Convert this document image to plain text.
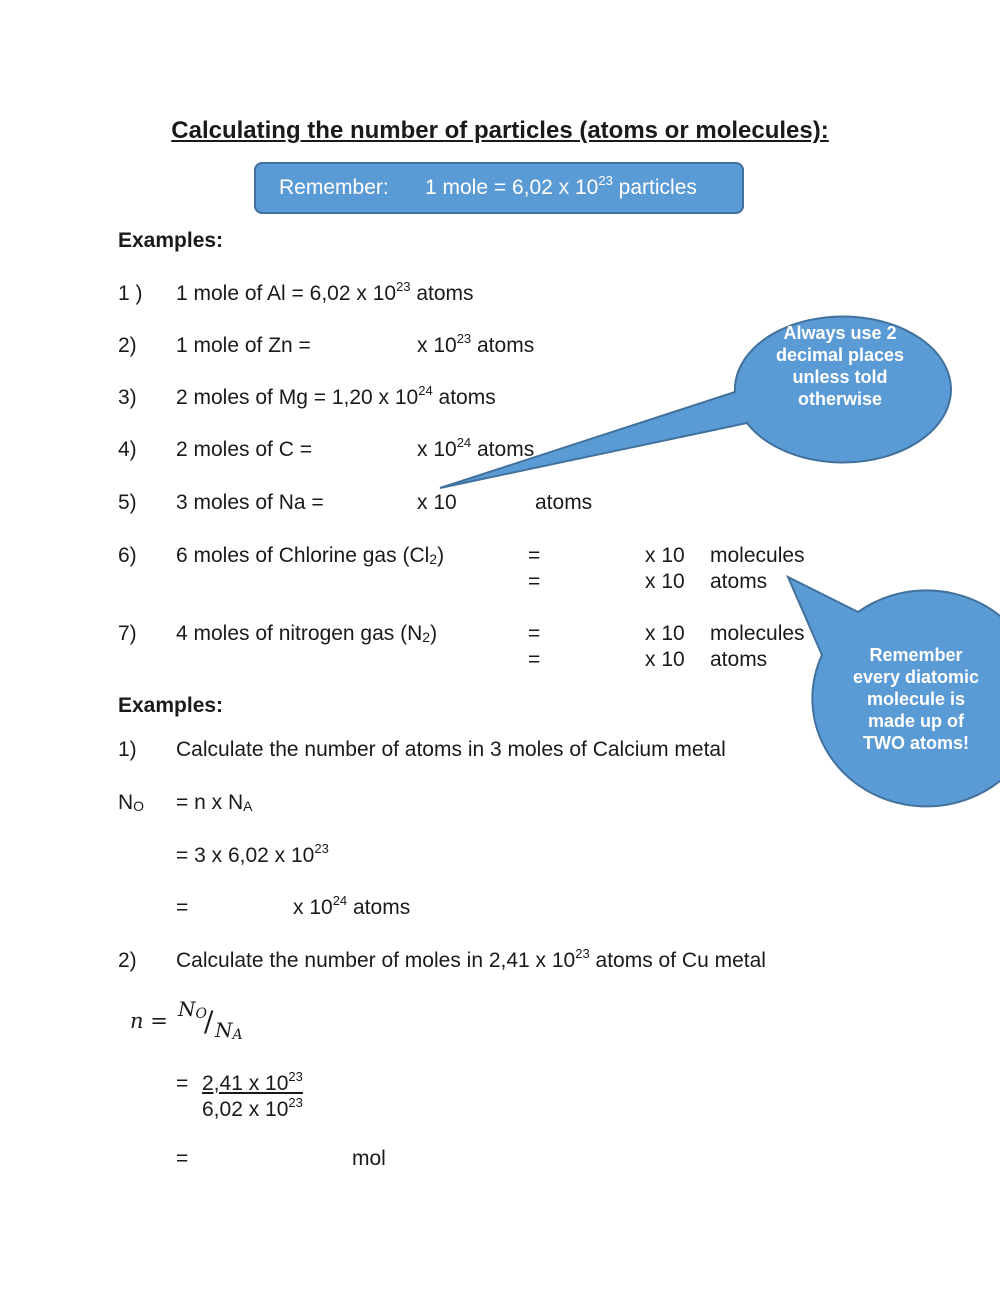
Calculating the number of particles (atoms or molecules):
Remember: 1 mole = 6,02 x $10^{23}$ particles
Examples:
1 ) 1 mole of Al = 6,02 x $10^{23}$ atoms
2) 1 mole of Zn =	x $10^{23}$ atoms
3) 2 moles of Mg = 1,20 x $10^{24}$ atoms
4) 2 moles of C =	x $10^{24}$ atoms
5) 3 moles of Na =	x 10	atoms
6) 6 moles of Chlorine gas $(Cl_2)$	=	x 10 molecules
=	x 10 atoms
7) 4 moles of nitrogen gas $(N_2)$	=	x 10 molecules
=	x 10 atoms
Examples:
1) Calculate the number of atoms in 3 moles of Calcium metal
$N_O = n$ x $N_A$
= 3 x 6,02 x $10^{23}$
=	x $10^{24}$ atoms
2) Calculate the number of moles in 2,41 x $10^{23}$ atoms of Cu metal
$n = N_O$
/ $N_A$
= 2,41 x $10^{23}$
6,02 x $10^{23}$
=	mol
Always use 2 decimal places unless told otherwise
Remember every diatomic molecule is made up of TWO atoms!
